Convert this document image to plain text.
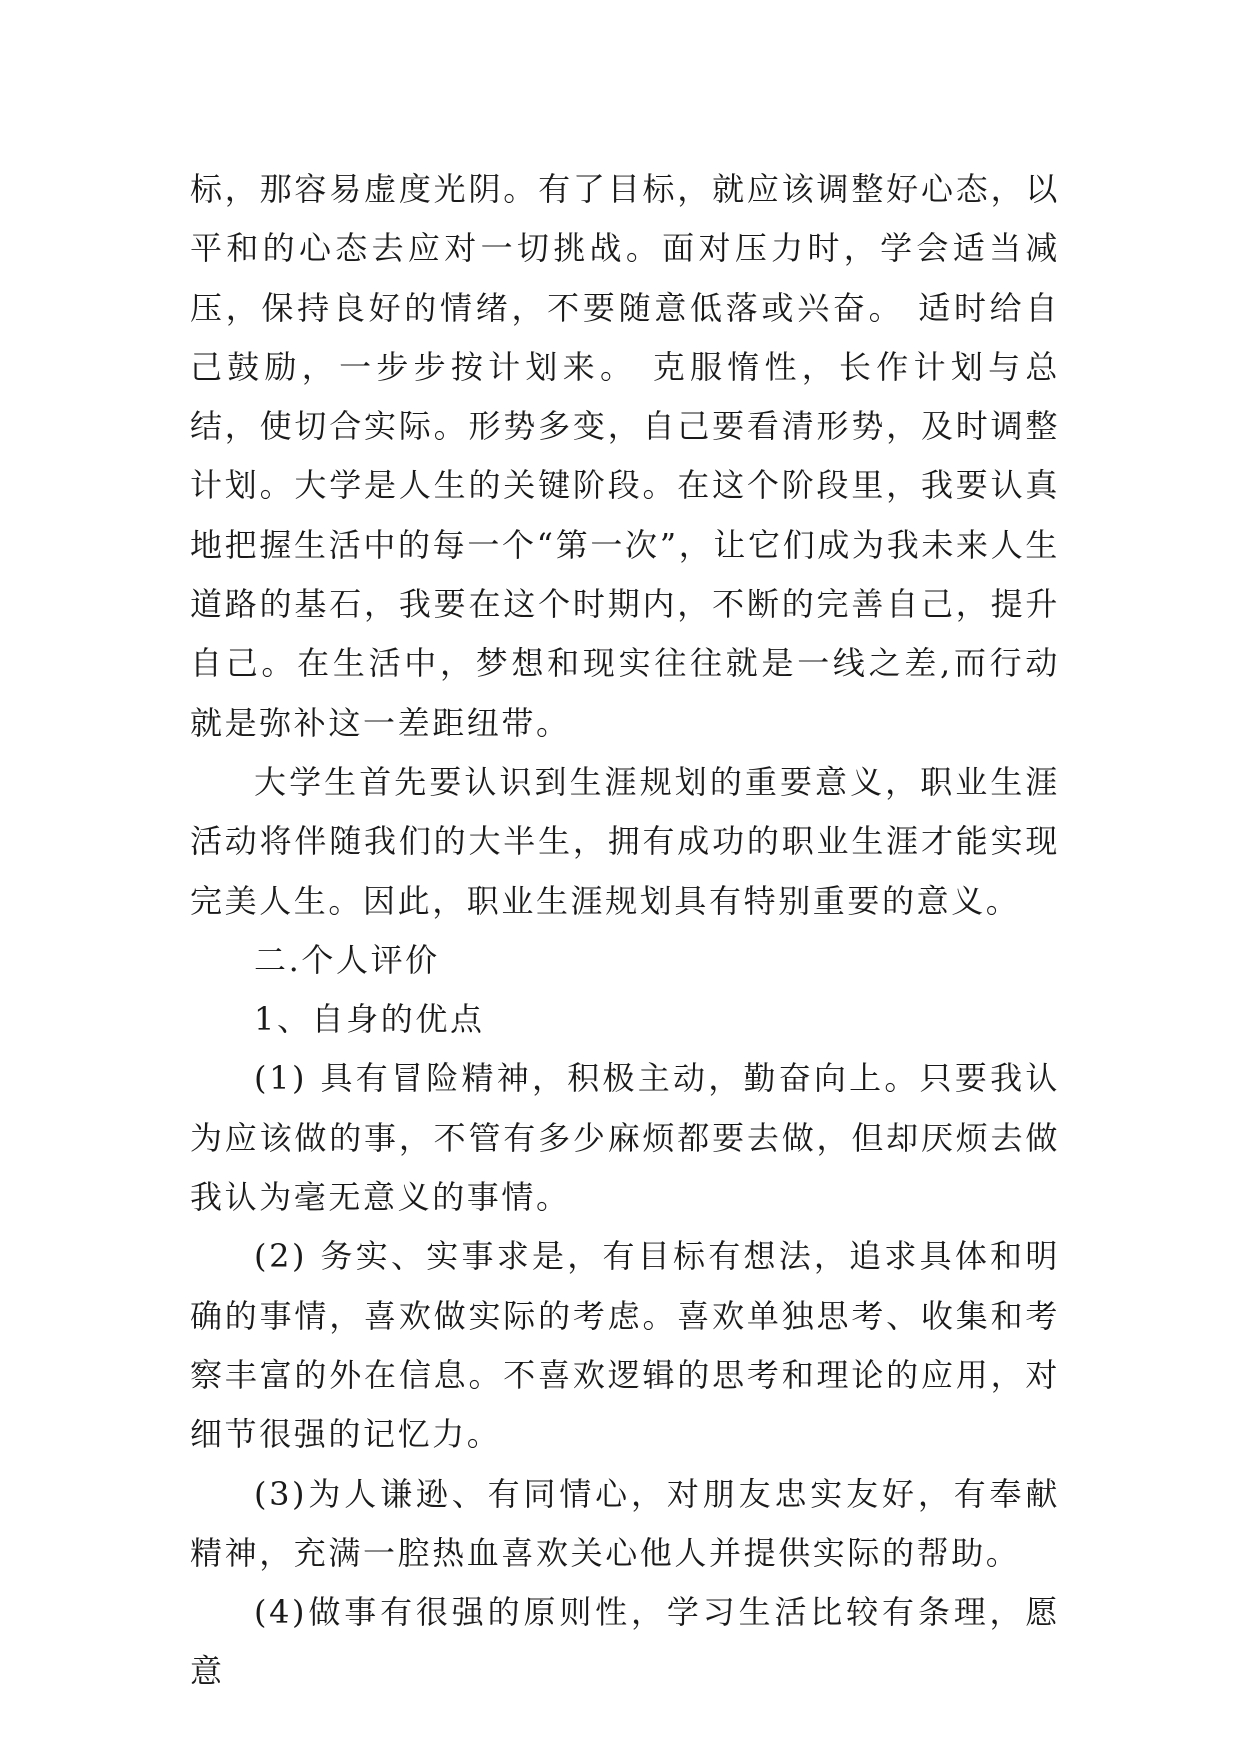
标，那容易虚度光阴。有了目标，就应该调整好心态，以平和的心态去应对一切挑战。面对压力时，学会适当减压，保持良好的情绪，不要随意低落或兴奋。 适时给自己鼓励，一步步按计划来。 克服惰性，长作计划与总结，使切合实际。形势多变，自己要看清形势，及时调整计划。大学是人生的关键阶段。在这个阶段里，我要认真地把握生活中的每一个“第一次”，让它们成为我未来人生道路的基石，我要在这个时期内，不断的完善自己，提升自己。在生活中，梦想和现实往往就是一线之差,而行动就是弥补这一差距纽带。

大学生首先要认识到生涯规划的重要意义，职业生涯活动将伴随我们的大半生，拥有成功的职业生涯才能实现完美人生。因此，职业生涯规划具有特别重要的意义。

二.个人评价

1、自身的优点

(1) 具有冒险精神，积极主动，勤奋向上。只要我认为应该做的事，不管有多少麻烦都要去做，但却厌烦去做我认为毫无意义的事情。

(2) 务实、实事求是，有目标有想法，追求具体和明确的事情，喜欢做实际的考虑。喜欢单独思考、收集和考察丰富的外在信息。不喜欢逻辑的思考和理论的应用，对细节很强的记忆力。

(3)为人谦逊、有同情心，对朋友忠实友好，有奉献精神，充满一腔热血喜欢关心他人并提供实际的帮助。

(4)做事有很强的原则性，学习生活比较有条理，愿意
